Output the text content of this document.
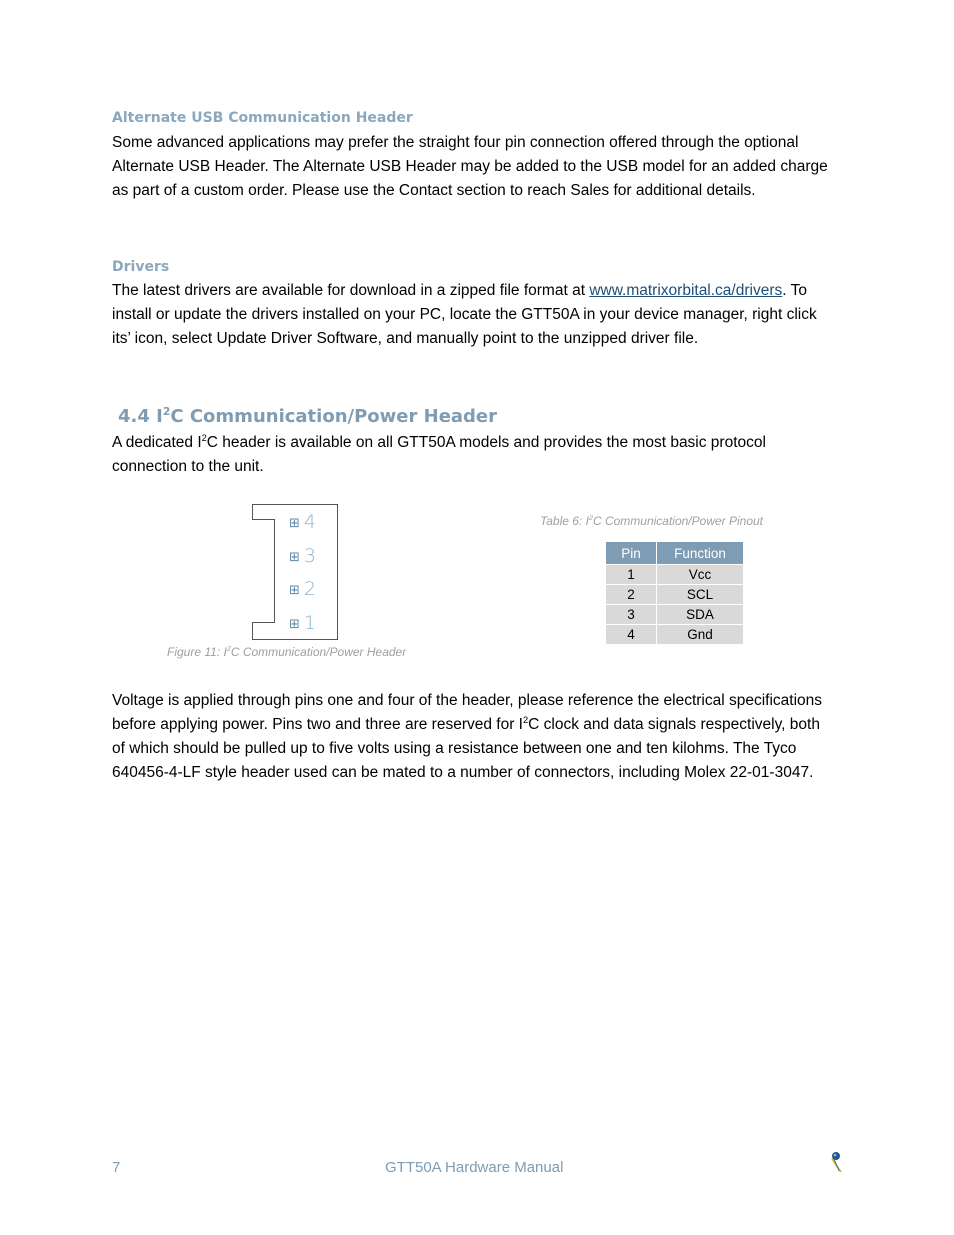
Alternate USB Communication Header

Some advanced applications may prefer the straight four pin connection offered through the optional
Alternate USB Header. The Alternate USB Header may be added to the USB model for an added charge
as part of a custom order. Please use the Contact section to reach Sales for additional details.

Drivers

The latest drivers are available for download in a zipped file format at www.matrixorbital.ca/drivers. To
install or update the drivers installed on your PC, locate the GTT50A in your device manager, right click
its’ icon, select Update Driver Software, and manually point to the unzipped driver file.

4.4 $I^2C$ Communication/Power Header

A dedicated $I^2C$ header is available on all GTT50A models and provides the most basic protocol
connection to the unit.

⊞ 4
⊞ 3
⊞ 2
⊞ 1
Figure 11: $I^2C$ Communication/Power Header
Table 6: $I^2C$ Communication/Power Pinout
Pin	Function
1	Vcc
2	SCL
3	SDA
4	Gnd

Voltage is applied through pins one and four of the header, please reference the electrical specifications
before applying power. Pins two and three are reserved for $I^2C$ clock and data signals respectively, both
of which should be pulled up to five volts using a resistance between one and ten kilohms. The Tyco
640456-4-LF style header used can be mated to a number of connectors, including Molex 22-01-3047.

7	GTT50A Hardware Manual
